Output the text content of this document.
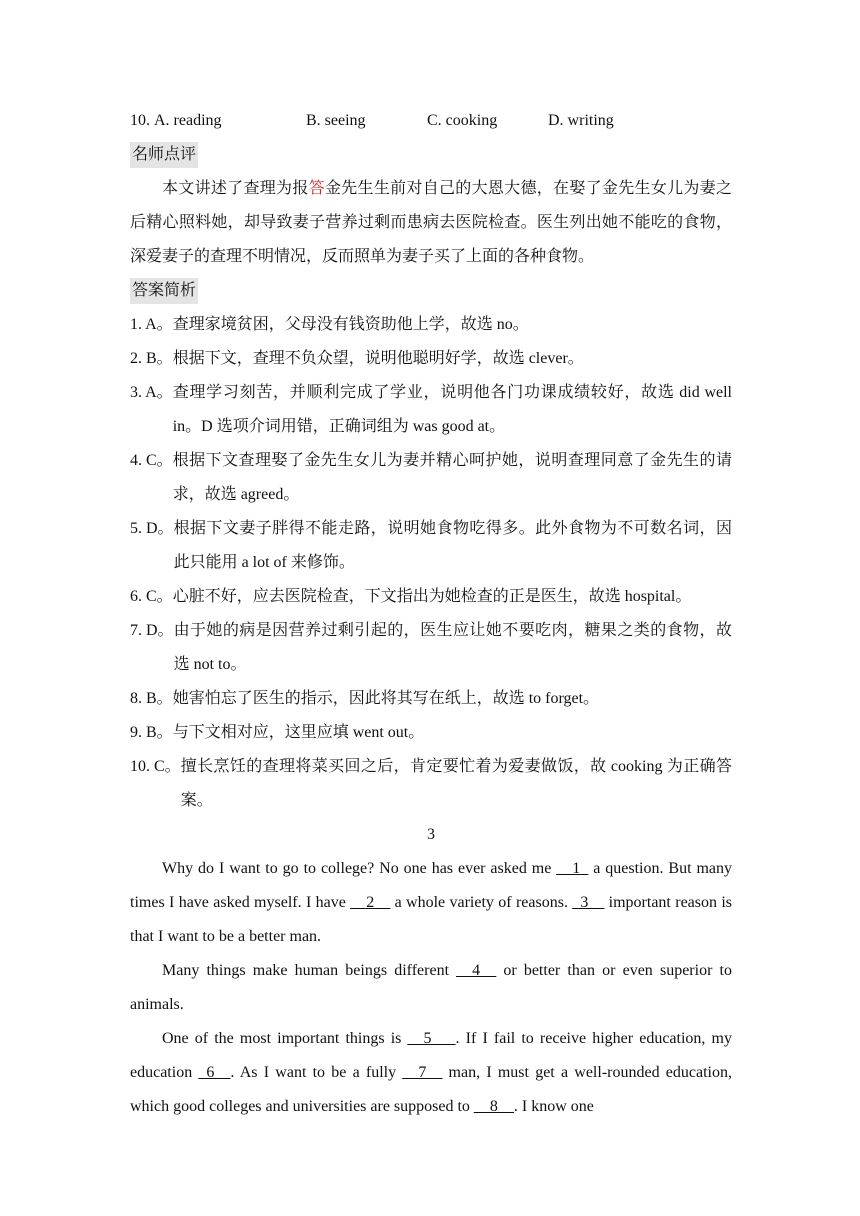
10.
A. reading	B. seeing	C. cooking	D. writing
名师点评

本文讲述了查理为报答金先生生前对自己的大恩大德，在娶了金先生女儿为妻之后精心照料她，却导致妻子营养过剩而患病去医院检查。医生列出她不能吃的食物，深爱妻子的查理不明情况，反而照单为妻子买了上面的各种食物。

答案简析
1. A。 查理家境贫困，父母没有钱资助他上学，故选 no。
2. B。 根据下文，查理不负众望，说明他聪明好学，故选 clever。
3. A。 查理学习刻苦，并顺利完成了学业，说明他各门功课成绩较好，故选 did well in。D 选项介词用错，正确词组为 was good at。
4. C。 根据下文查理娶了金先生女儿为妻并精心呵护她，说明查理同意了金先生的请求，故选 agreed。
5. D。 根据下文妻子胖得不能走路，说明她食物吃得多。此外食物为不可数名词，因此只能用 a lot of 来修饰。
6. C。 心脏不好，应去医院检查，下文指出为她检查的正是医生，故选 hospital。
7. D。 由于她的病是因营养过剩引起的，医生应让她不要吃肉，糖果之类的食物，故选 not to。
8. B。 她害怕忘了医生的指示，因此将其写在纸上，故选 to forget。
9. B。 与下文相对应，这里应填 went out。
10. C。 擅长烹饪的查理将菜买回之后，肯定要忙着为爱妻做饭，故 cooking 为正确答案。
3

Why do I want to go to college? No one has ever asked me __1_ a question. But many times I have asked myself. I have __2__ a whole variety of reasons. _3__ important reason is that I want to be a better man.

Many things make human beings different __4__ or better than or even superior to animals.

One of the most important things is __5___. If I fail to receive higher education, my education _6__. As I want to be a fully __7__ man, I must get a well-rounded education, which good colleges and universities are supposed to __8__. I know one
